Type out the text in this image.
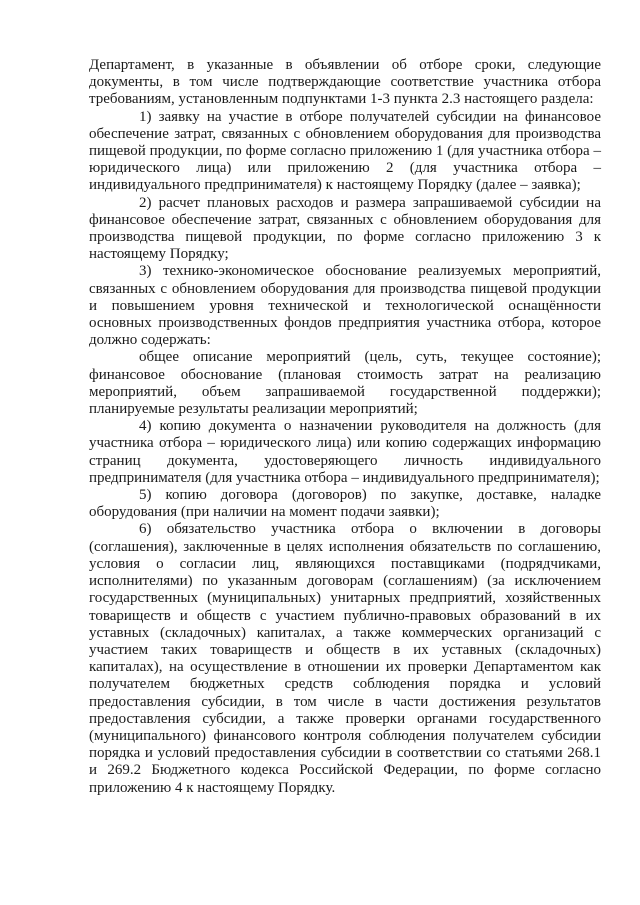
Департамент, в указанные в объявлении об отборе сроки, следующие документы, в том числе подтверждающие соответствие участника отбора требованиям, установленным подпунктами 1-3 пункта 2.3 настоящего раздела:

1) заявку на участие в отборе получателей субсидии на финансовое обеспечение затрат, связанных с обновлением оборудования для производства пищевой продукции, по форме согласно приложению 1 (для участника отбора – юридического лица) или приложению 2 (для участника отбора – индивидуального предпринимателя) к настоящему Порядку (далее – заявка);

2) расчет плановых расходов и размера запрашиваемой субсидии на финансовое обеспечение затрат, связанных с обновлением оборудования для производства пищевой продукции, по форме согласно приложению 3 к настоящему Порядку;

3) технико-экономическое обоснование реализуемых мероприятий, связанных с обновлением оборудования для производства пищевой продукции и повышением уровня технической и технологической оснащённости основных производственных фондов предприятия участника отбора, которое должно содержать:

общее описание мероприятий (цель, суть, текущее состояние); финансовое обоснование (плановая стоимость затрат на реализацию мероприятий, объем запрашиваемой государственной поддержки); планируемые результаты реализации мероприятий;

4) копию документа о назначении руководителя на должность (для участника отбора – юридического лица) или копию содержащих информацию страниц документа, удостоверяющего личность индивидуального предпринимателя (для участника отбора – индивидуального предпринимателя);

5) копию договора (договоров) по закупке, доставке, наладке оборудования (при наличии на момент подачи заявки);

6) обязательство участника отбора о включении в договоры (соглашения), заключенные в целях исполнения обязательств по соглашению, условия о согласии лиц, являющихся поставщиками (подрядчиками, исполнителями) по указанным договорам (соглашениям) (за исключением государственных (муниципальных) унитарных предприятий, хозяйственных товариществ и обществ с участием публично-правовых образований в их уставных (складочных) капиталах, а также коммерческих организаций с участием таких товариществ и обществ в их уставных (складочных) капиталах), на осуществление в отношении их проверки Департаментом как получателем бюджетных средств соблюдения порядка и условий предоставления субсидии, в том числе в части достижения результатов предоставления субсидии, а также проверки органами государственного (муниципального) финансового контроля соблюдения получателем субсидии порядка и условий предоставления субсидии в соответствии со статьями 268.1 и 269.2 Бюджетного кодекса Российской Федерации, по форме согласно приложению 4 к настоящему Порядку.
